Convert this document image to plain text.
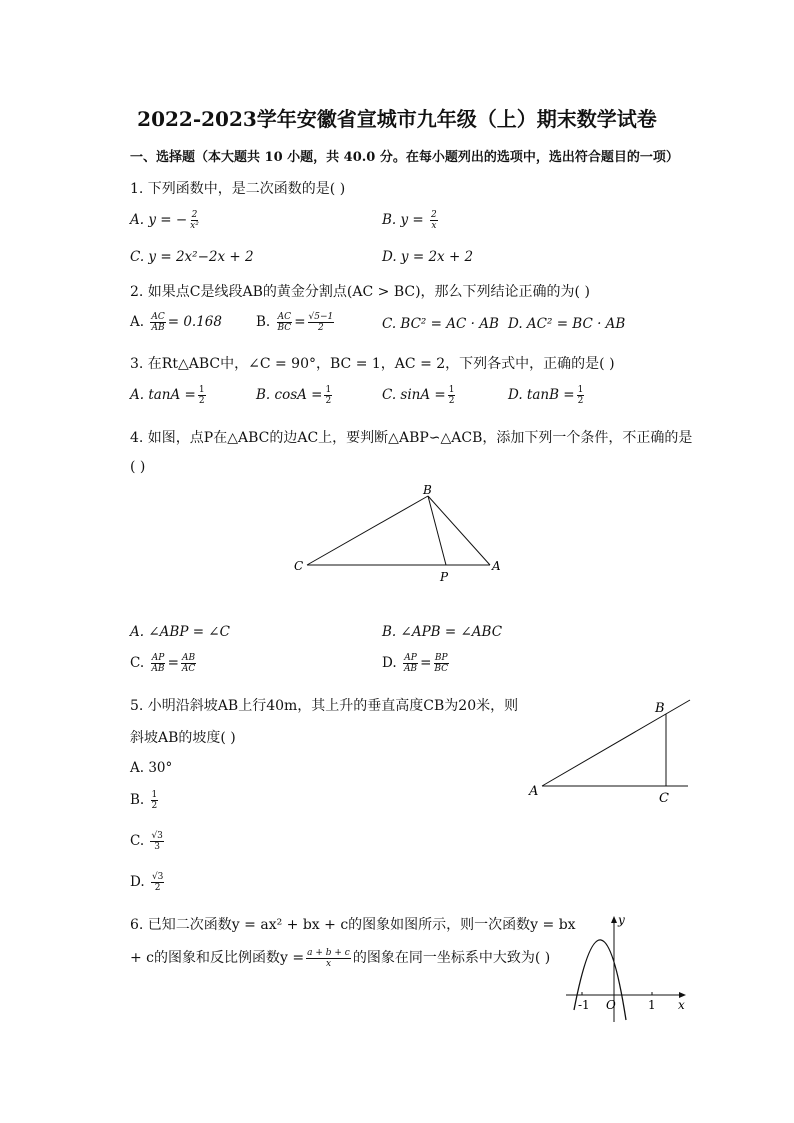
2022-2023学年安徽省宣城市九年级（上）期末数学试卷
一、选择题（本大题共 10 小题，共 40.0 分。在每小题列出的选项中，选出符合题目的一项）
1. 下列函数中，是二次函数的是( )
A. y = − $\frac{2}{\text{x²}}$	B. $y = \frac{2}{x}$
C. y = 2x²−2x + 2	D. y = 2x + 2
2. 如果点C是线段AB的黄金分割点(AC > BC)，那么下列结论正确的为( )
A. $\frac{AC}{AB} = 0.168$	B. $\frac{AC}{BC} = \frac{√5-1}{2}$	C. BC² = AC · AB D. AC² = BC · AB
3. 在Rt△ABC中，∠C = 90°，BC = 1，AC = 2，下列各式中，正确的是( )
A. $\tan A = \frac{1}{2}$	B. $\cos A = \frac{1}{2}$	C. $\sin A = \frac{1}{2}$	D. $\tan B = \frac{1}{2}$
4. 如图，点P在△ABC的边AC上，要判断△ABP∽△ACB，添加下列一个条件，不正确的是
( )
B
C
P
A
A. ∠ABP = ∠C	B. ∠APB = ∠ABC
C. $\frac{AP}{AB} = \frac{AB}{AC}$	D. $\frac{AP}{AB} = \frac{BP}{BC}$
5. 小明沿斜坡AB上行40m，其上升的垂直高度CB为20米，则
斜坡AB的坡度( )
A. 30°
B. $\frac{1}{2}$
C. $\frac{√3}{3}$
D. $\frac{√3}{2}$
B
A	C
6. 已知二次函数y = ax² + bx + c的图象如图所示，则一次函数y = bx
+ c的图象和反比例函数$y = \frac{a + b + c}{x}$ 的图象在同一坐标系中大致为( )
y
x
-1 O	1
